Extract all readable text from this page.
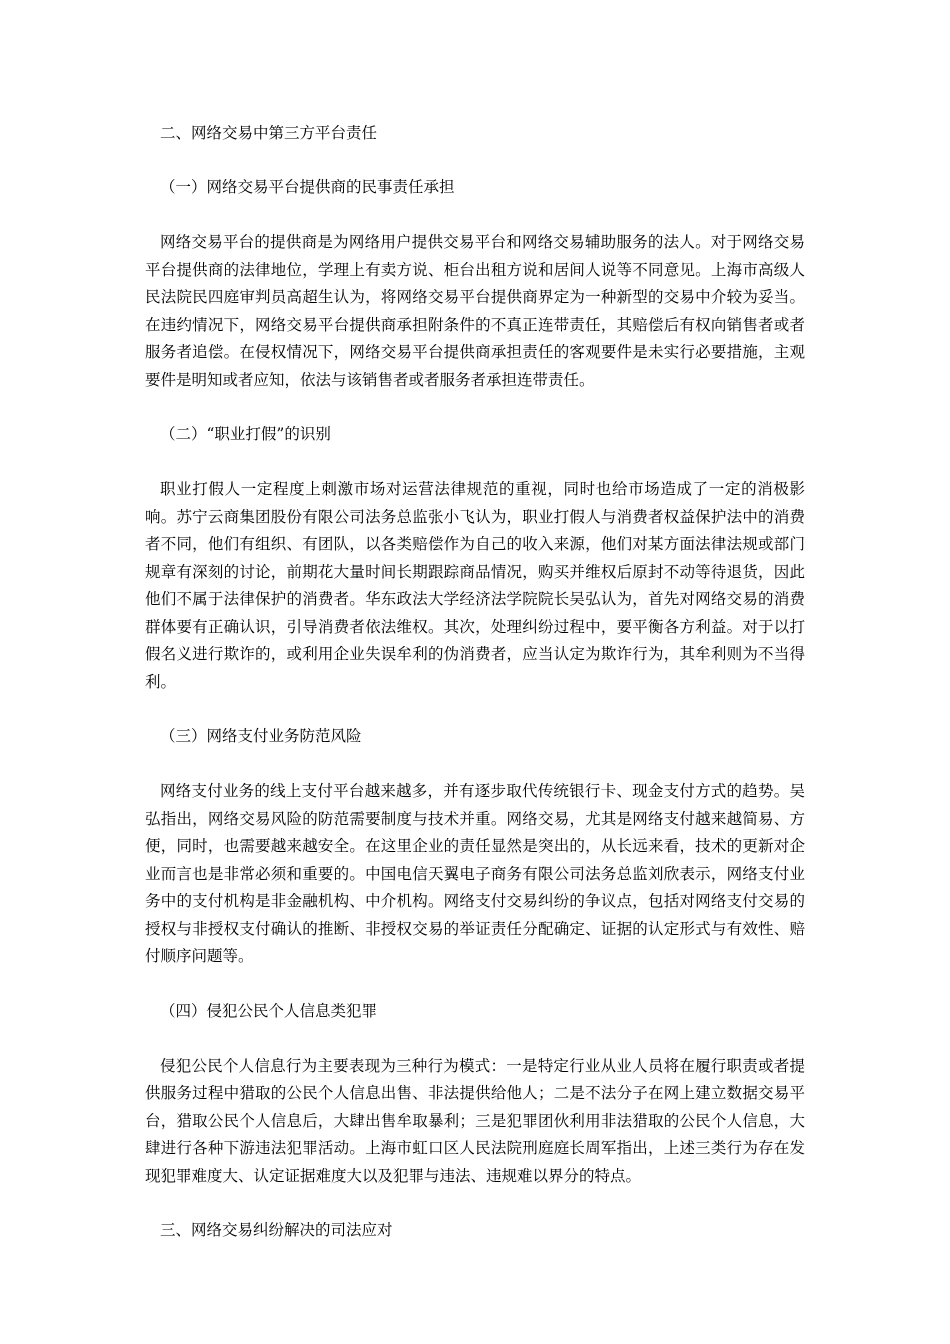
二、网络交易中第三方平台责任

（一）网络交易平台提供商的民事责任承担

网络交易平台的提供商是为网络用户提供交易平台和网络交易辅助服务的法人。对于网络交易平台提供商的法律地位，学理上有卖方说、柜台出租方说和居间人说等不同意见。上海市高级人民法院民四庭审判员高超生认为，将网络交易平台提供商界定为一种新型的交易中介较为妥当。在违约情况下，网络交易平台提供商承担附条件的不真正连带责任，其赔偿后有权向销售者或者服务者追偿。在侵权情况下，网络交易平台提供商承担责任的客观要件是未实行必要措施，主观要件是明知或者应知，依法与该销售者或者服务者承担连带责任。

（二）“职业打假”的识别

职业打假人一定程度上刺激市场对运营法律规范的重视，同时也给市场造成了一定的消极影响。苏宁云商集团股份有限公司法务总监张小飞认为，职业打假人与消费者权益保护法中的消费者不同，他们有组织、有团队，以各类赔偿作为自己的收入来源，他们对某方面法律法规或部门规章有深刻的讨论，前期花大量时间长期跟踪商品情况，购买并维权后原封不动等待退货，因此他们不属于法律保护的消费者。华东政法大学经济法学院院长吴弘认为，首先对网络交易的消费群体要有正确认识，引导消费者依法维权。其次，处理纠纷过程中，要平衡各方利益。对于以打假名义进行欺诈的，或利用企业失误牟利的伪消费者，应当认定为欺诈行为，其牟利则为不当得利。

（三）网络支付业务防范风险

网络支付业务的线上支付平台越来越多，并有逐步取代传统银行卡、现金支付方式的趋势。吴弘指出，网络交易风险的防范需要制度与技术并重。网络交易，尤其是网络支付越来越简易、方便，同时，也需要越来越安全。在这里企业的责任显然是突出的，从长远来看，技术的更新对企业而言也是非常必须和重要的。中国电信天翼电子商务有限公司法务总监刘欣表示，网络支付业务中的支付机构是非金融机构、中介机构。网络支付交易纠纷的争议点，包括对网络支付交易的授权与非授权支付确认的推断、非授权交易的举证责任分配确定、证据的认定形式与有效性、赔付顺序问题等。

（四）侵犯公民个人信息类犯罪

侵犯公民个人信息行为主要表现为三种行为模式：一是特定行业从业人员将在履行职责或者提供服务过程中猎取的公民个人信息出售、非法提供给他人；二是不法分子在网上建立数据交易平台，猎取公民个人信息后，大肆出售牟取暴利；三是犯罪团伙利用非法猎取的公民个人信息，大肆进行各种下游违法犯罪活动。上海市虹口区人民法院刑庭庭长周军指出，上述三类行为存在发现犯罪难度大、认定证据难度大以及犯罪与违法、违规难以界分的特点。

三、网络交易纠纷解决的司法应对
